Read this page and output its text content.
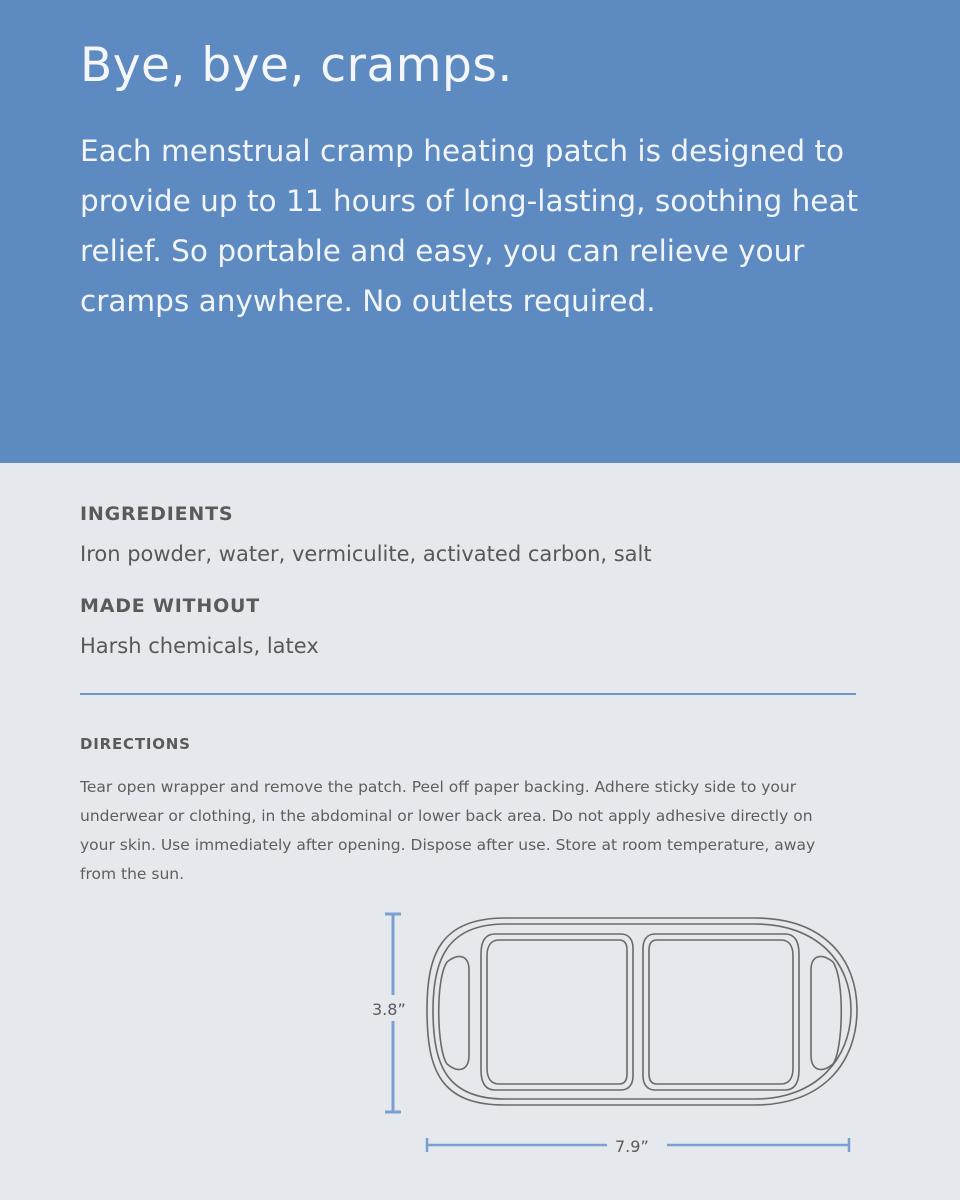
Bye, bye, cramps.

Each menstrual cramp heating patch is designed to provide up to 11 hours of long-lasting, soothing heat relief. So portable and easy, you can relieve your cramps anywhere. No outlets required.

INGREDIENTS

Iron powder, water, vermiculite, activated carbon, salt

MADE WITHOUT

Harsh chemicals, latex

DIRECTIONS

Tear open wrapper and remove the patch. Peel off paper backing. Adhere sticky side to your underwear or clothing, in the abdominal or lower back area. Do not apply adhesive directly on your skin. Use immediately after opening. Dispose after use. Store at room temperature, away from the sun.

3.8”
7.9”
